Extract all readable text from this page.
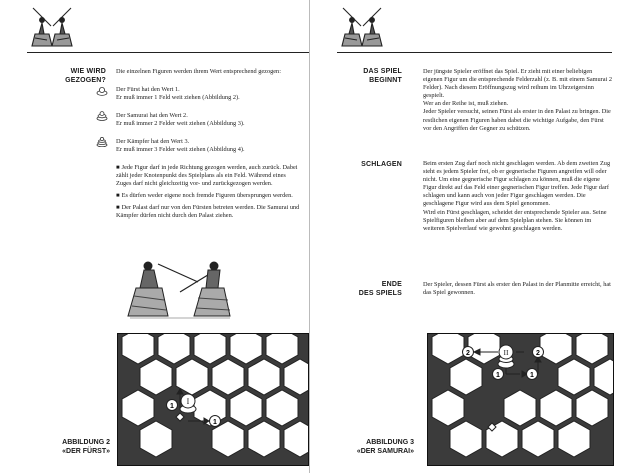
WIE WIRD
GEZOGEN?

Die einzelnen Figuren werden ihrem Wert entsprechend gezogen:

Der Fürst hat den Wert 1.
Er muß immer 1 Feld weit ziehen (Abbildung 2).
Der Samurai hat den Wert 2.
Er muß immer 2 Felder weit ziehen (Abbildung 3).
Der Kämpfer hat den Wert 3.
Er muß immer 3 Felder weit ziehen (Abbildung 4).

■ Jede Figur darf in jede Richtung gezogen werden, auch zurück. Dabei zählt jeder Knotenpunkt des Spielplans als ein Feld. Während eines Zuges darf nicht gleichzeitig vor- und zurückgezogen werden.

■ Es dürfen weder eigene noch fremde Figuren übersprungen werden.

■ Der Palast darf nur von den Fürsten betreten werden. Die Samurai und Kämpfer dürfen nicht durch den Palast ziehen.

I
1
1
ABBILDUNG 2
«DER FÜRST»
DAS SPIEL
BEGINNT
Der jüngste Spieler eröffnet das Spiel. Er zieht mit einer beliebigen eigenen Figur um die entsprechende Felderzahl (z. B. mit einem Samurai 2 Felder). Nach diesem Eröffnungszug wird reihum im Uhrzeigersinn gespielt.
Wer an der Reihe ist, muß ziehen.
Jeder Spieler versucht, seinen Fürst als erster in den Palast zu bringen. Die restlichen eigenen Figuren haben dabei die wichtige Aufgabe, den Fürst vor den Angriffen der Gegner zu schützen.
SCHLAGEN	Beim ersten Zug darf noch nicht geschlagen werden. Ab dem zweiten Zug steht es jedem Spieler frei, ob er gegnerische Figuren angreifen will oder nicht. Um eine gegnerische Figur schlagen zu können, muß die eigene Figur direkt auf das Feld einer gegnerischen Figur treffen. Jede Figur darf schlagen und kann auch von jeder Figur geschlagen werden. Die geschlagene Figur wird aus dem Spiel genommen.
Wird ein Fürst geschlagen, scheidet der entsprechende Spieler aus. Seine Spielfiguren bleiben aber auf dem Spielplan stehen. Sie können im weiteren Spielverlauf wie gewohnt geschlagen werden.
ENDE
DES SPIELS
Der Spieler, dessen Fürst als erster den Palast in der Planmitte erreicht, hat das Spiel gewonnen.
II
2	2
1
1
ABBILDUNG 3
«DER SAMURAI»
